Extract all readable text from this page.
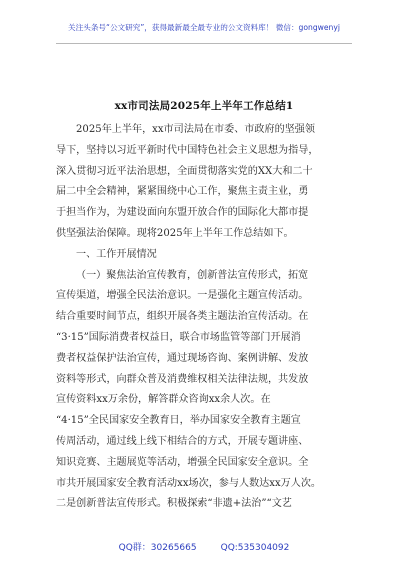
关注头条号“公文研究”，获得最新最全最专业的公文资料库！ 微信：gongwenyj
xx市司法局2025年上半年工作总结1
2025年上半年，xx市司法局在市委、市政府的坚强领
导下，坚持以习近平新时代中国特色社会主义思想为指导，
深入贯彻习近平法治思想，全面贯彻落实党的XX大和二十
届二中全会精神，紧紧围绕中心工作，聚焦主责主业，勇
于担当作为，为建设面向东盟开放合作的国际化大都市提
供坚强法治保障。现将2025年上半年工作总结如下。
一、工作开展情况
（一）聚焦法治宣传教育，创新普法宣传形式，拓宽
宣传渠道，增强全民法治意识。一是强化主题宣传活动。
结合重要时间节点，组织开展各类主题法治宣传活动。在
“3·15”国际消费者权益日，联合市场监管等部门开展消
费者权益保护法治宣传，通过现场咨询、案例讲解、发放
资料等形式，向群众普及消费维权相关法律法规，共发放
宣传资料xx万余份，解答群众咨询xx余人次。在
“4·15”全民国家安全教育日，举办国家安全教育主题宣
传周活动，通过线上线下相结合的方式，开展专题讲座、
知识竞赛、主题展览等活动，增强全民国家安全意识。全
市共开展国家安全教育活动xx场次，参与人数达xx万人次。
二是创新普法宣传形式。积极探索“非遗+法治”“文艺
QQ群：30265665	QQ:535304092
